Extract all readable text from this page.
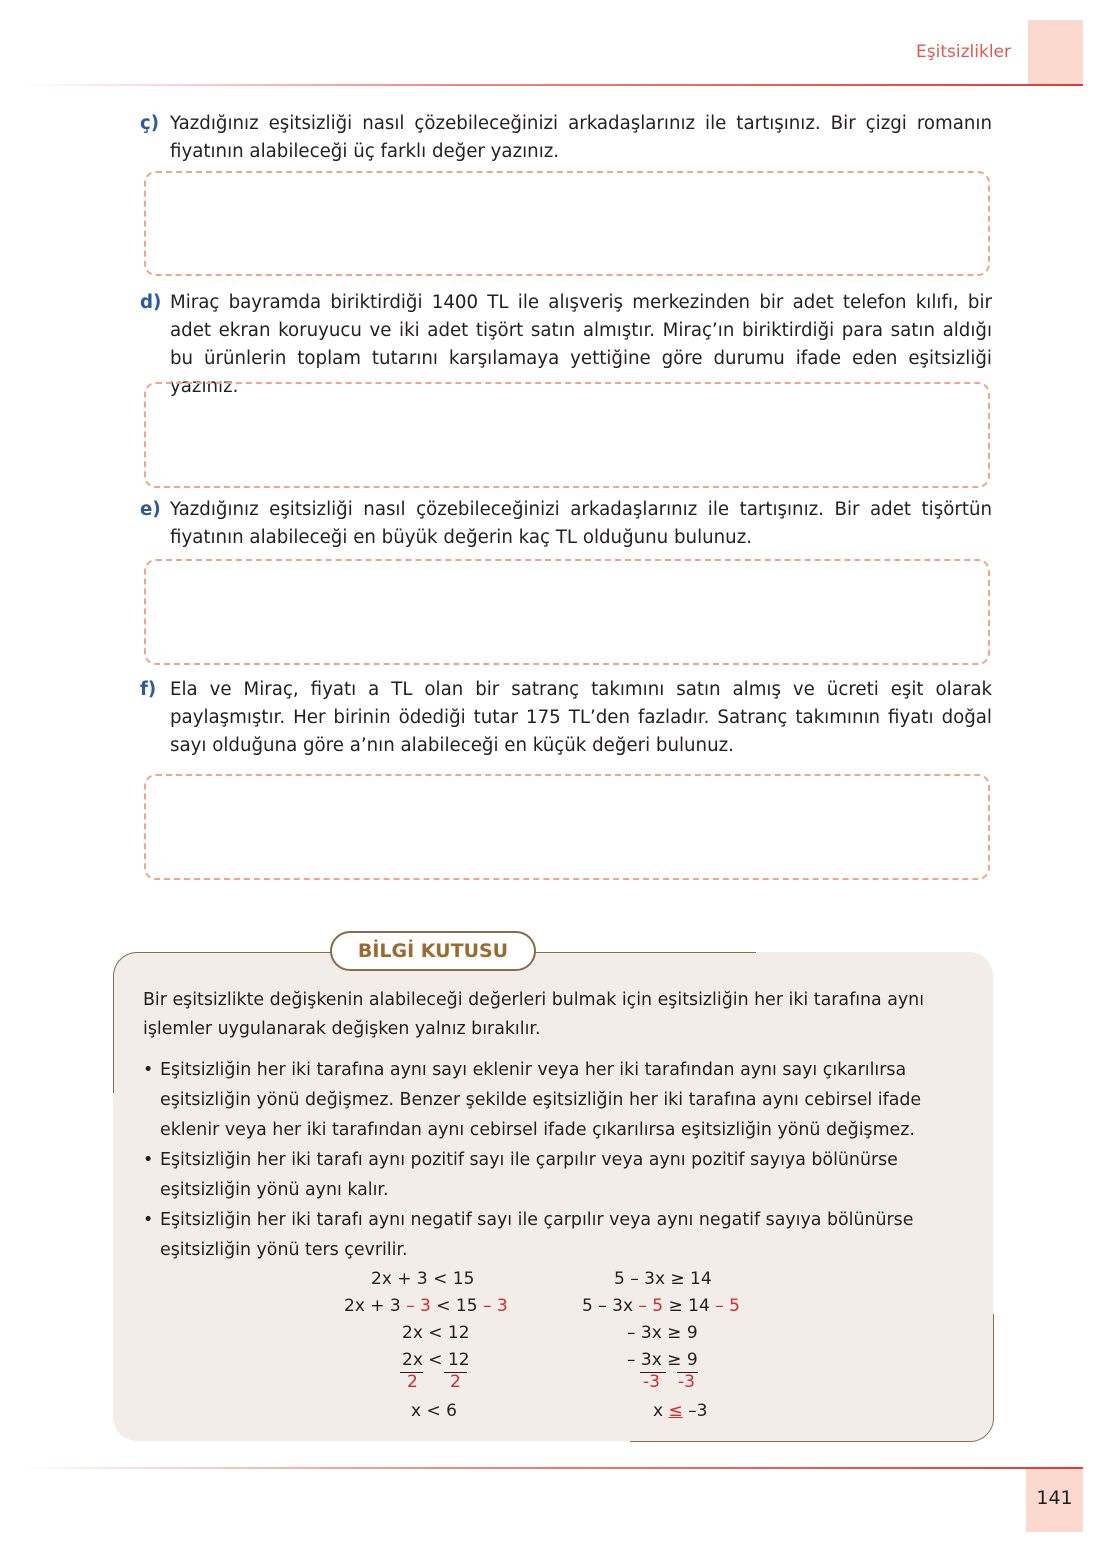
Eşitsizlikler
ç) Yazdığınız eşitsizliği nasıl çözebileceğinizi arkadaşlarınız ile tartışınız. Bir çizgi romanın fiyatının alabileceği üç farklı değer yazınız.
d) Miraç bayramda biriktirdiği 1400 TL ile alışveriş merkezinden bir adet telefon kılıfı, bir adet ekran koruyucu ve iki adet tişört satın almıştır. Miraç’ın biriktirdiği para satın aldığı bu ürünlerin toplam tutarını karşılamaya yettiğine göre durumu ifade eden eşitsizliği yazınız.
e) Yazdığınız eşitsizliği nasıl çözebileceğinizi arkadaşlarınız ile tartışınız. Bir adet tişörtün fiyatının alabileceği en büyük değerin kaç TL olduğunu bulunuz.
f) Ela ve Miraç, fiyatı a TL olan bir satranç takımını satın almış ve ücreti eşit olarak paylaşmıştır. Her birinin ödediği tutar 175 TL’den fazladır. Satranç takımının fiyatı doğal sayı olduğuna göre a’nın alabileceği en küçük değeri bulunuz.
BİLGİ KUTUSU
Bir eşitsizlikte değişkenin alabileceği değerleri bulmak için eşitsizliğin her iki tarafına aynı işlemler uygulanarak değişken yalnız bırakılır.
• Eşitsizliğin her iki tarafına aynı sayı eklenir veya her iki tarafından aynı sayı çıkarılırsa eşitsizliğin yönü değişmez. Benzer şekilde eşitsizliğin her iki tarafına aynı cebirsel ifade eklenir veya her iki tarafından aynı cebirsel ifade çıkarılırsa eşitsizliğin yönü değişmez.
• Eşitsizliğin her iki tarafı aynı pozitif sayı ile çarpılır veya aynı pozitif sayıya bölünürse eşitsizliğin yönü aynı kalır.
• Eşitsizliğin her iki tarafı aynı negatif sayı ile çarpılır veya aynı negatif sayıya bölünürse eşitsizliğin yönü ters çevrilir.
2x + 3 < 15
2x + 3 – 3 < 15 – 3
2x < 12
2x < 12
2 2
x < 6
5 – 3x ≥ 14
5 – 3x – 5 ≥ 14 – 5
– 3x ≥ 9
– 3x ≥ 9
-3 -3
x ≤ –3
141
